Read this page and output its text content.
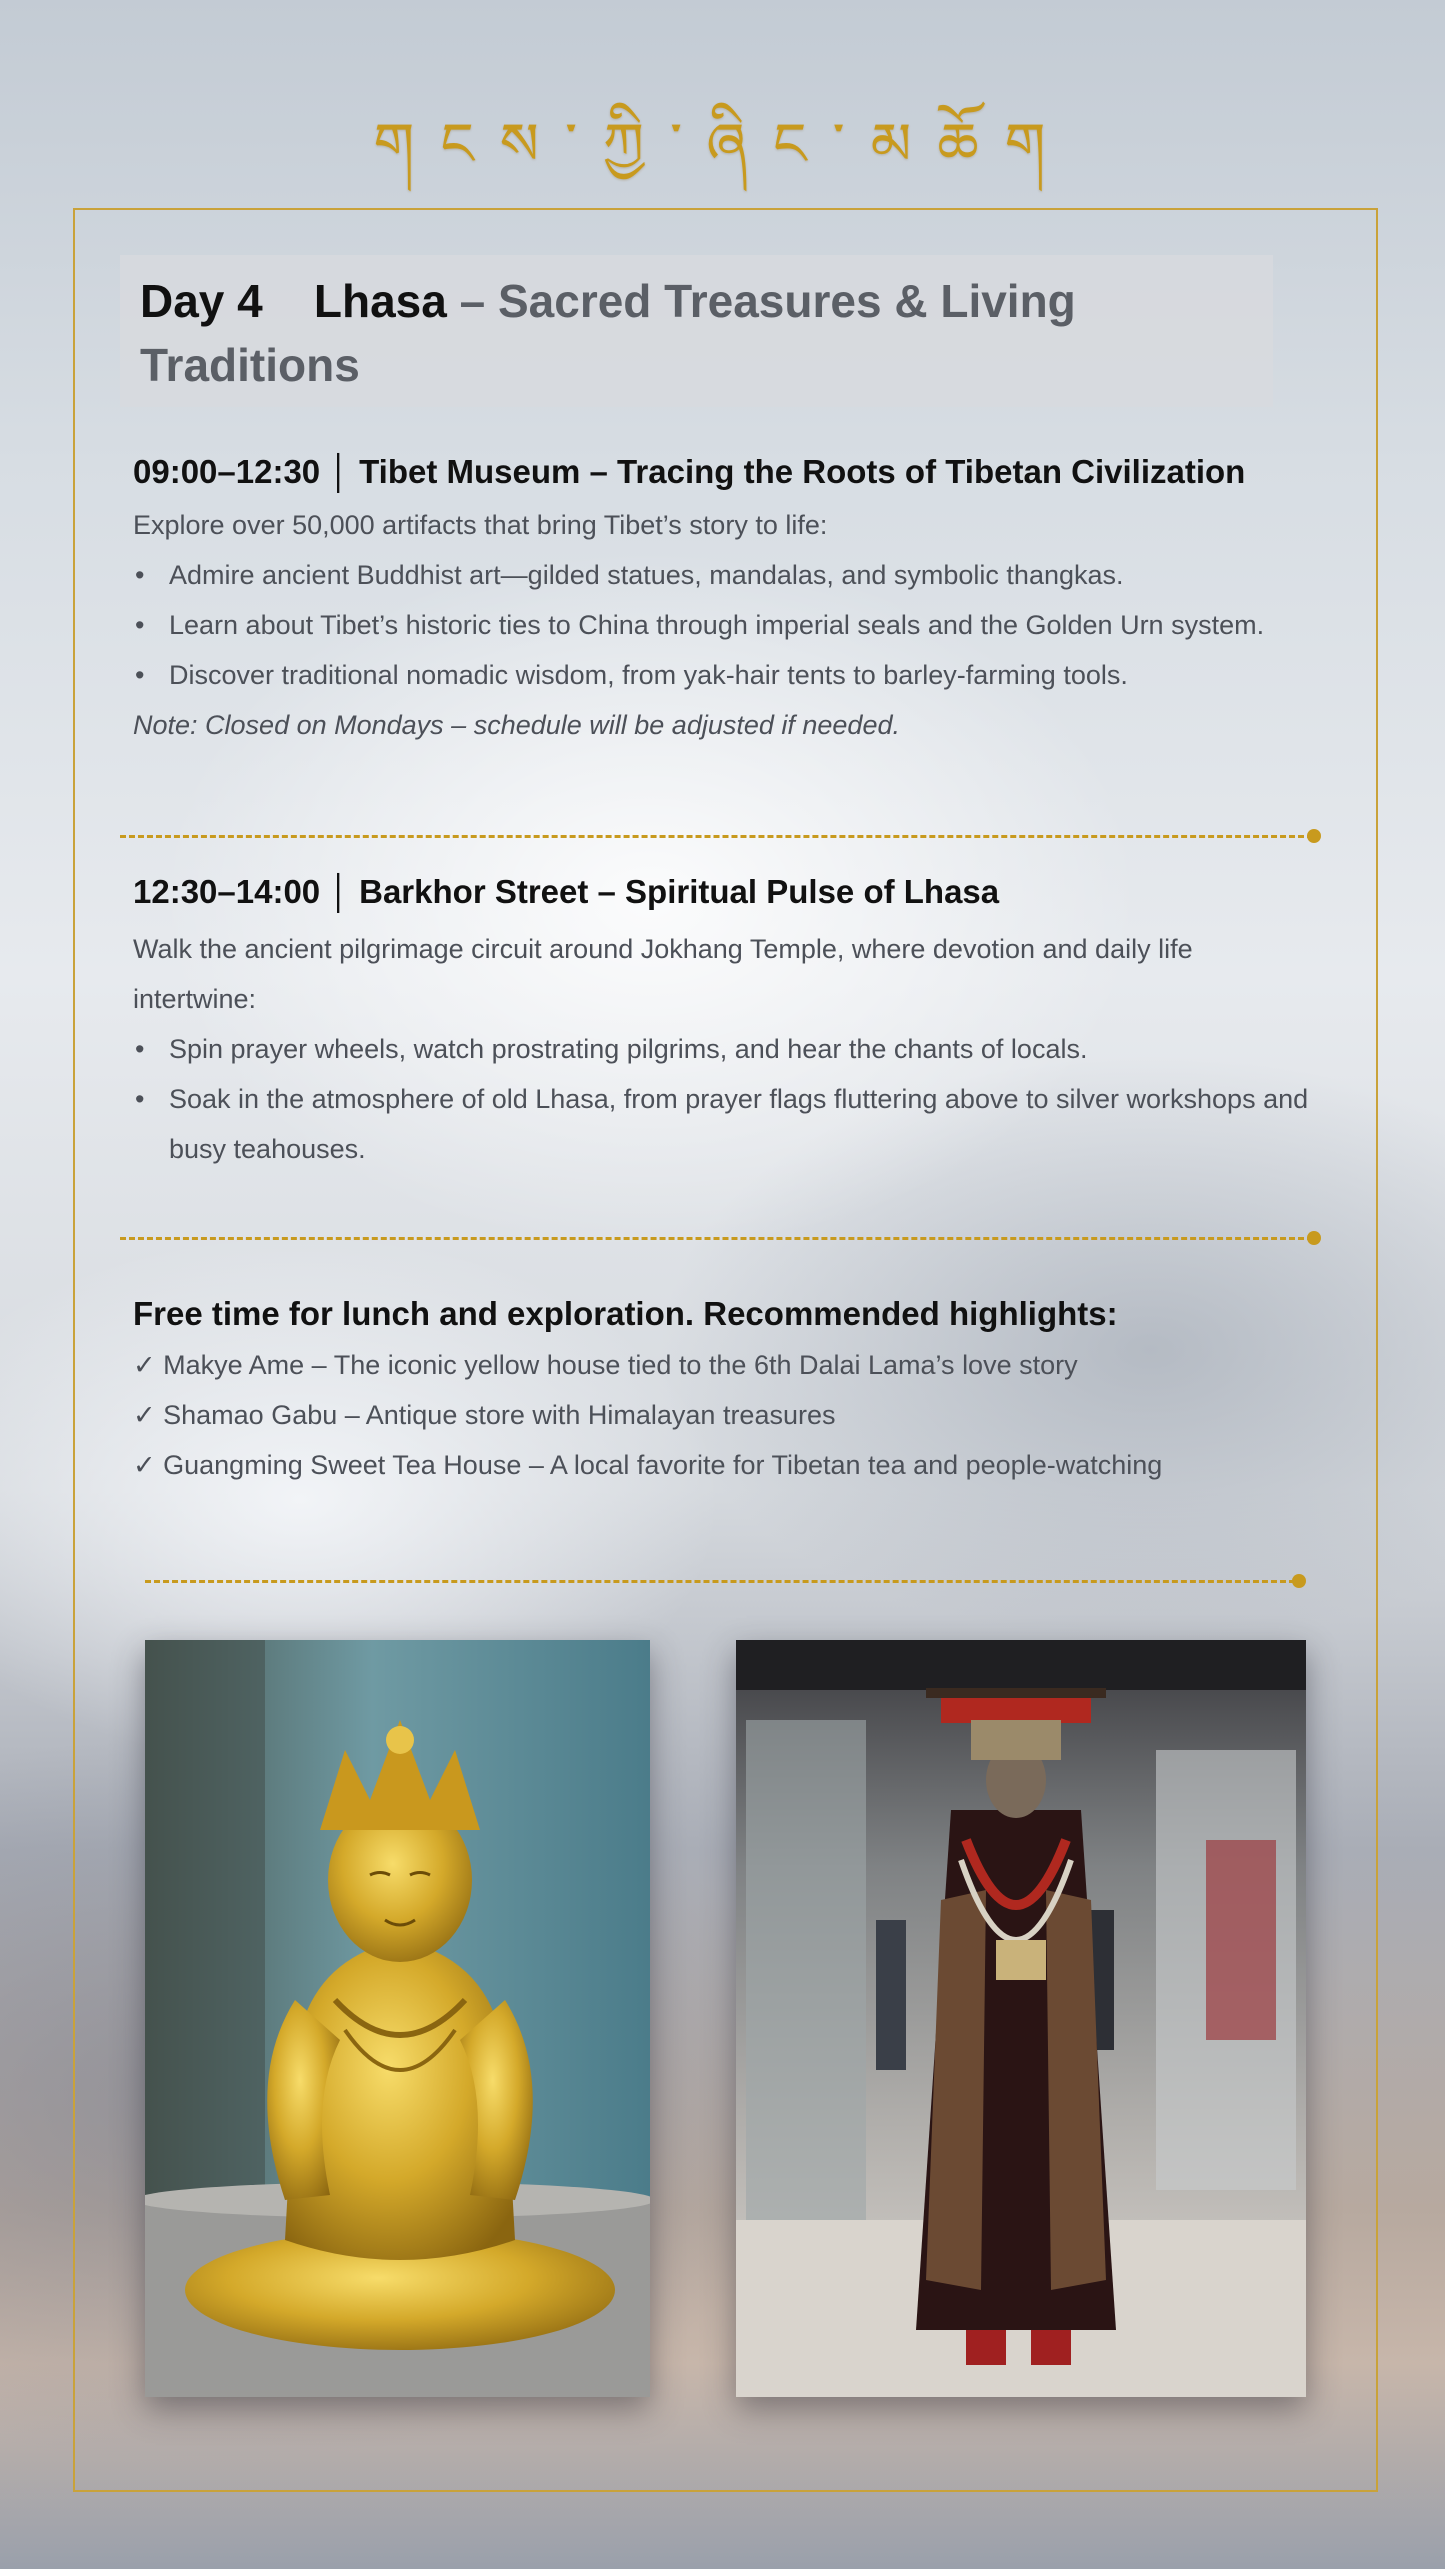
གངས་ཀྱི་ཞིང་མཆོག
Day 4 Lhasa – Sacred Treasures & Living
Traditions
09:00–12:30 │ Tibet Museum – Tracing the Roots of Tibetan Civilization

Explore over 50,000 artifacts that bring Tibet’s story to life:

• Admire ancient Buddhist art—gilded statues, mandalas, and symbolic thangkas.
• Learn about Tibet’s historic ties to China through imperial seals and the Golden Urn system.
• Discover traditional nomadic wisdom, from yak-hair tents to barley-farming tools.

Note: Closed on Mondays – schedule will be adjusted if needed.

12:30–14:00 │ Barkhor Street – Spiritual Pulse of Lhasa

Walk the ancient pilgrimage circuit around Jokhang Temple, where devotion and daily life intertwine:

• Spin prayer wheels, watch prostrating pilgrims, and hear the chants of locals.
• Soak in the atmosphere of old Lhasa, from prayer flags fluttering above to silver workshops and busy teahouses.
Free time for lunch and exploration. Recommended highlights:

✓ Makye Ame – The iconic yellow house tied to the 6th Dalai Lama’s love story

✓ Shamao Gabu – Antique store with Himalayan treasures

✓ Guangming Sweet Tea House – A local favorite for Tibetan tea and people-watching
